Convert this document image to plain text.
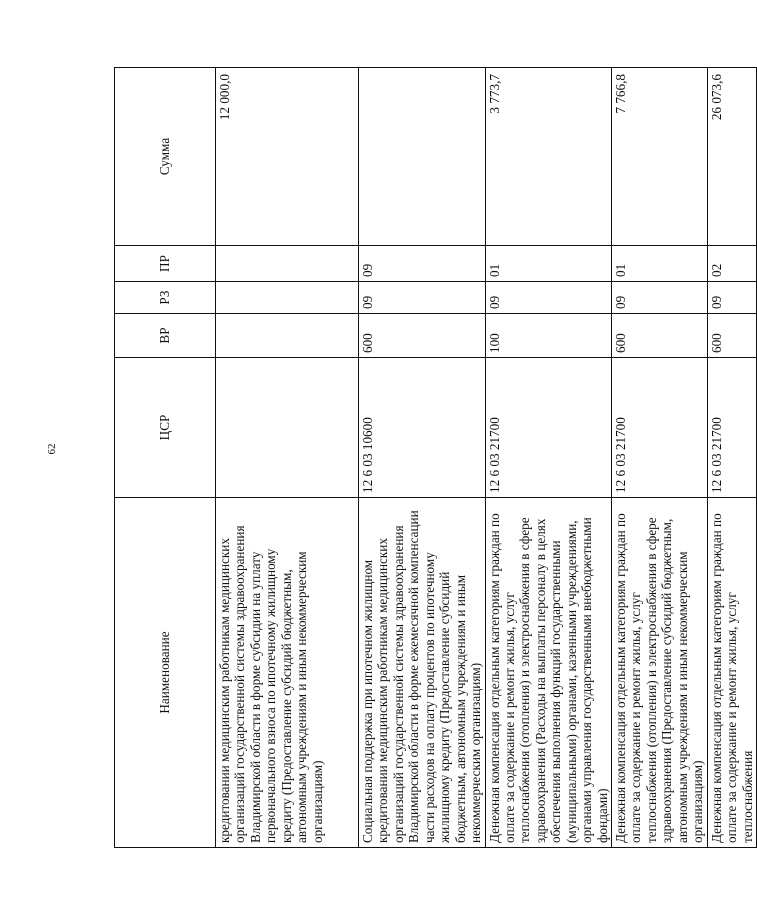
62
Наименование	ЦСР	ВР	РЗ	ПР	Сумма
кредитовании медицинским работникам медицинских организаций государственной системы здравоохранения Владимирской области в форме субсидии на уплату первоначального взноса по ипотечному жилищному кредиту (Предоставление субсидий бюджетным, автономным учреждениям и иным некоммерческим организациям)					12 000,0
Социальная поддержка при ипотечном жилищном кредитовании медицинским работникам медицинских организаций государственной системы здравоохранения Владимирской области в форме ежемесячной компенсации части расходов на оплату процентов по ипотечному жилищному кредиту (Предоставление субсидий бюджетным, автономным учреждениям и иным некоммерческим организациям)	12 6 03 10600	600	09	09	
Денежная компенсация отдельным категориям граждан по оплате за содержание и ремонт жилья, услуг теплоснабжения (отопления) и электроснабжения в сфере здравоохранения (Расходы на выплаты персоналу в целях обеспечения выполнения функций государственными (муниципальными) органами, казенными учреждениями, органами управления государственными внебюджетными фондами)	12 6 03 21700	100	09	01	3 773,7
Денежная компенсация отдельным категориям граждан по оплате за содержание и ремонт жилья, услуг теплоснабжения (отопления) и электроснабжения в сфере здравоохранения (Предоставление субсидий бюджетным, автономным учреждениям и иным некоммерческим организациям)	12 6 03 21700	600	09	01	7 766,8
Денежная компенсация отдельным категориям граждан по оплате за содержание и ремонт жилья, услуг теплоснабжения	12 6 03 21700	600	09	02	26 073,6
